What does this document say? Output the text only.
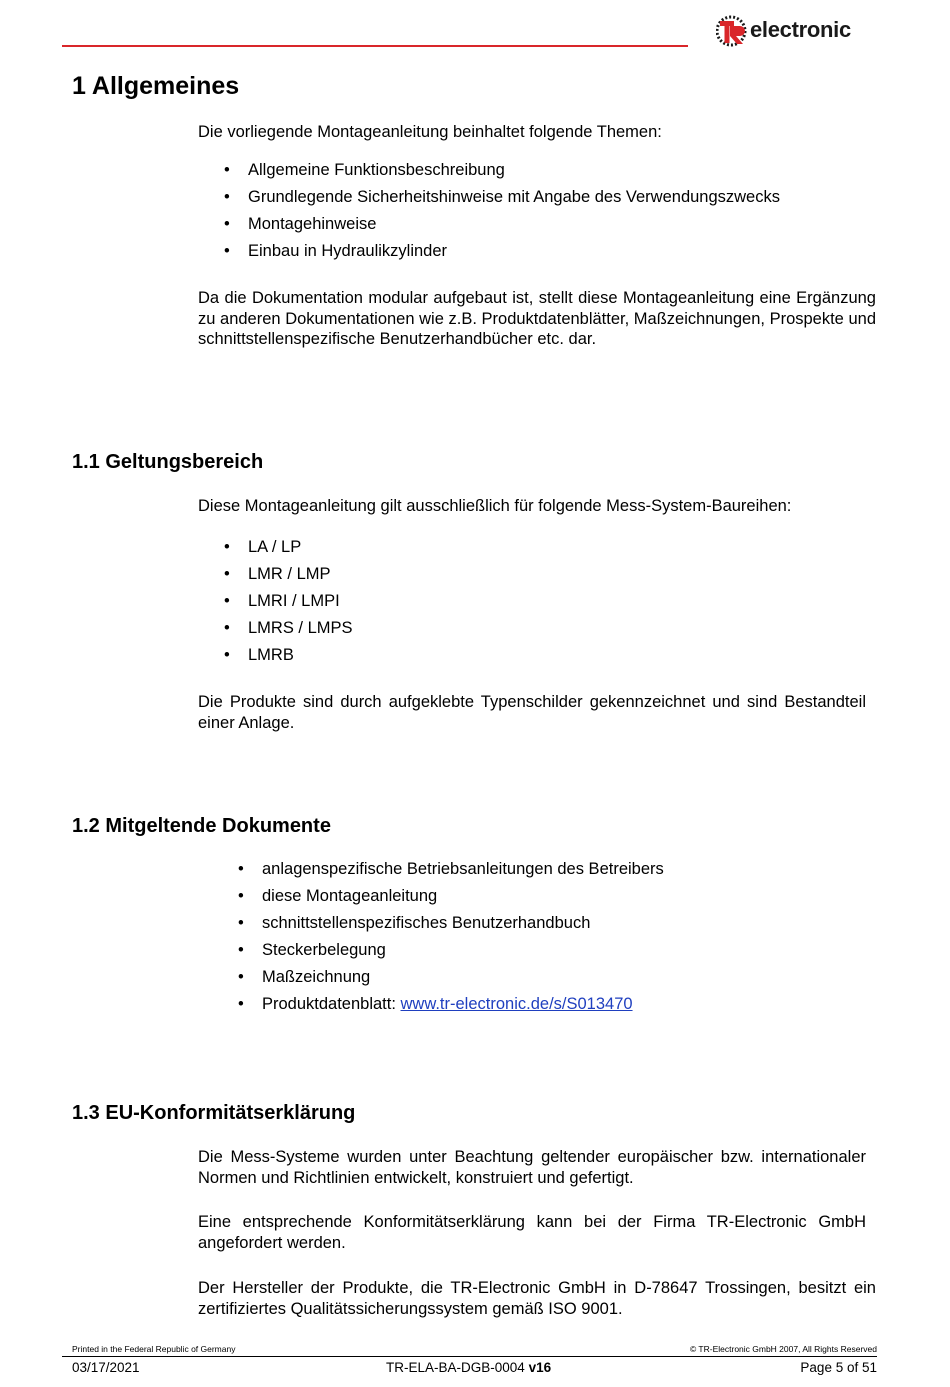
electronic
1 Allgemeines
Die vorliegende Montageanleitung beinhaltet folgende Themen:
• Allgemeine Funktionsbeschreibung
• Grundlegende Sicherheitshinweise mit Angabe des Verwendungszwecks
• Montagehinweise
• Einbau in Hydraulikzylinder
Da die Dokumentation modular aufgebaut ist, stellt diese Montageanleitung eine Ergänzung zu anderen Dokumentationen wie z.B. Produktdatenblätter, Maßzeichnungen, Prospekte und schnittstellenspezifische Benutzerhandbücher etc. dar.
1.1 Geltungsbereich
Diese Montageanleitung gilt ausschließlich für folgende Mess-System-Baureihen:
• LA / LP
• LMR / LMP
• LMRI / LMPI
• LMRS / LMPS
• LMRB
Die Produkte sind durch aufgeklebte Typenschilder gekennzeichnet und sind Bestandteil einer Anlage.
1.2 Mitgeltende Dokumente
• anlagenspezifische Betriebsanleitungen des Betreibers
• diese Montageanleitung
• schnittstellenspezifisches Benutzerhandbuch
• Steckerbelegung
• Maßzeichnung
• Produktdatenblatt: www.tr-electronic.de/s/S013470
1.3 EU-Konformitätserklärung
Die Mess-Systeme wurden unter Beachtung geltender europäischer bzw. internationaler Normen und Richtlinien entwickelt, konstruiert und gefertigt.
Eine entsprechende Konformitätserklärung kann bei der Firma TR-Electronic GmbH angefordert werden.
Der Hersteller der Produkte, die TR-Electronic GmbH in D-78647 Trossingen, besitzt ein zertifiziertes Qualitätssicherungssystem gemäß ISO 9001.
Printed in the Federal Republic of Germany	© TR-Electronic GmbH 2007, All Rights Reserved
03/17/2021	TR-ELA-BA-DGB-0004 v16	Page 5 of 51
